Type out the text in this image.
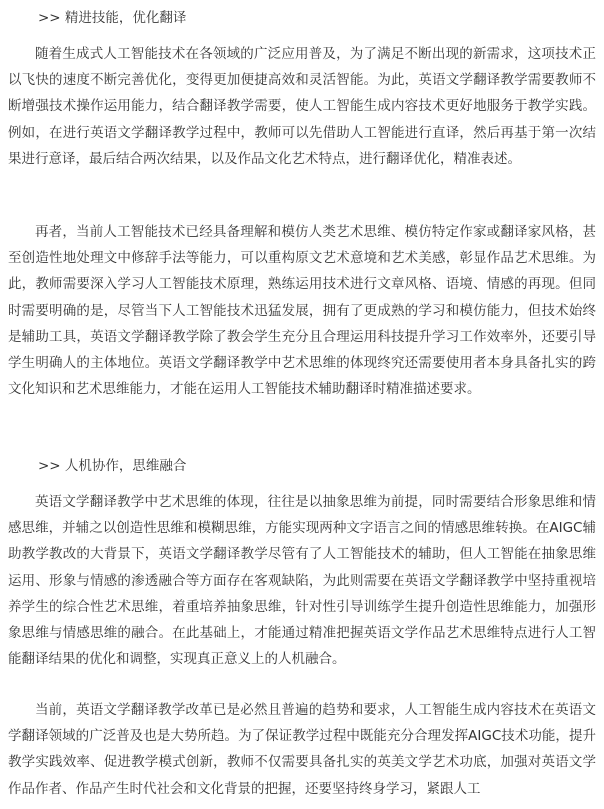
>> 精进技能，优化翻译

随着生成式人工智能技术在各领域的广泛应用普及，为了满足不断出现的新需求，这项技术正以飞快的速度不断完善优化，变得更加便捷高效和灵活智能。为此，英语文学翻译教学需要教师不断增强技术操作运用能力，结合翻译教学需要，使人工智能生成内容技术更好地服务于教学实践。例如，在进行英语文学翻译教学过程中，教师可以先借助人工智能进行直译，然后再基于第一次结果进行意译，最后结合两次结果，以及作品文化艺术特点，进行翻译优化，精准表述。

再者，当前人工智能技术已经具备理解和模仿人类艺术思维、模仿特定作家或翻译家风格，甚至创造性地处理文中修辞手法等能力，可以重构原文艺术意境和艺术美感，彰显作品艺术思维。为此，教师需要深入学习人工智能技术原理，熟练运用技术进行文章风格、语境、情感的再现。但同时需要明确的是，尽管当下人工智能技术迅猛发展，拥有了更成熟的学习和模仿能力，但技术始终是辅助工具，英语文学翻译教学除了教会学生充分且合理运用科技提升学习工作效率外，还要引导学生明确人的主体地位。英语文学翻译教学中艺术思维的体现终究还需要使用者本身具备扎实的跨文化知识和艺术思维能力，才能在运用人工智能技术辅助翻译时精准描述要求。

>> 人机协作，思维融合

英语文学翻译教学中艺术思维的体现，往往是以抽象思维为前提，同时需要结合形象思维和情感思维，并辅之以创造性思维和模糊思维，方能实现两种文字语言之间的情感思维转换。在AIGC辅助教学教改的大背景下，英语文学翻译教学尽管有了人工智能技术的辅助，但人工智能在抽象思维运用、形象与情感的渗透融合等方面存在客观缺陷，为此则需要在英语文学翻译教学中坚持重视培养学生的综合性艺术思维，着重培养抽象思维，针对性引导训练学生提升创造性思维能力，加强形象思维与情感思维的融合。在此基础上，才能通过精准把握英语文学作品艺术思维特点进行人工智能翻译结果的优化和调整，实现真正意义上的人机融合。

当前，英语文学翻译教学改革已是必然且普遍的趋势和要求，人工智能生成内容技术在英语文学翻译领域的广泛普及也是大势所趋。为了保证教学过程中既能充分合理发挥AIGC技术功能，提升教学实践效率、促进教学模式创新，教师不仅需要具备扎实的英美文学艺术功底，加强对英语文学作品作者、作品产生时代社会和文化背景的把握，还要坚持终身学习，紧跟人工
